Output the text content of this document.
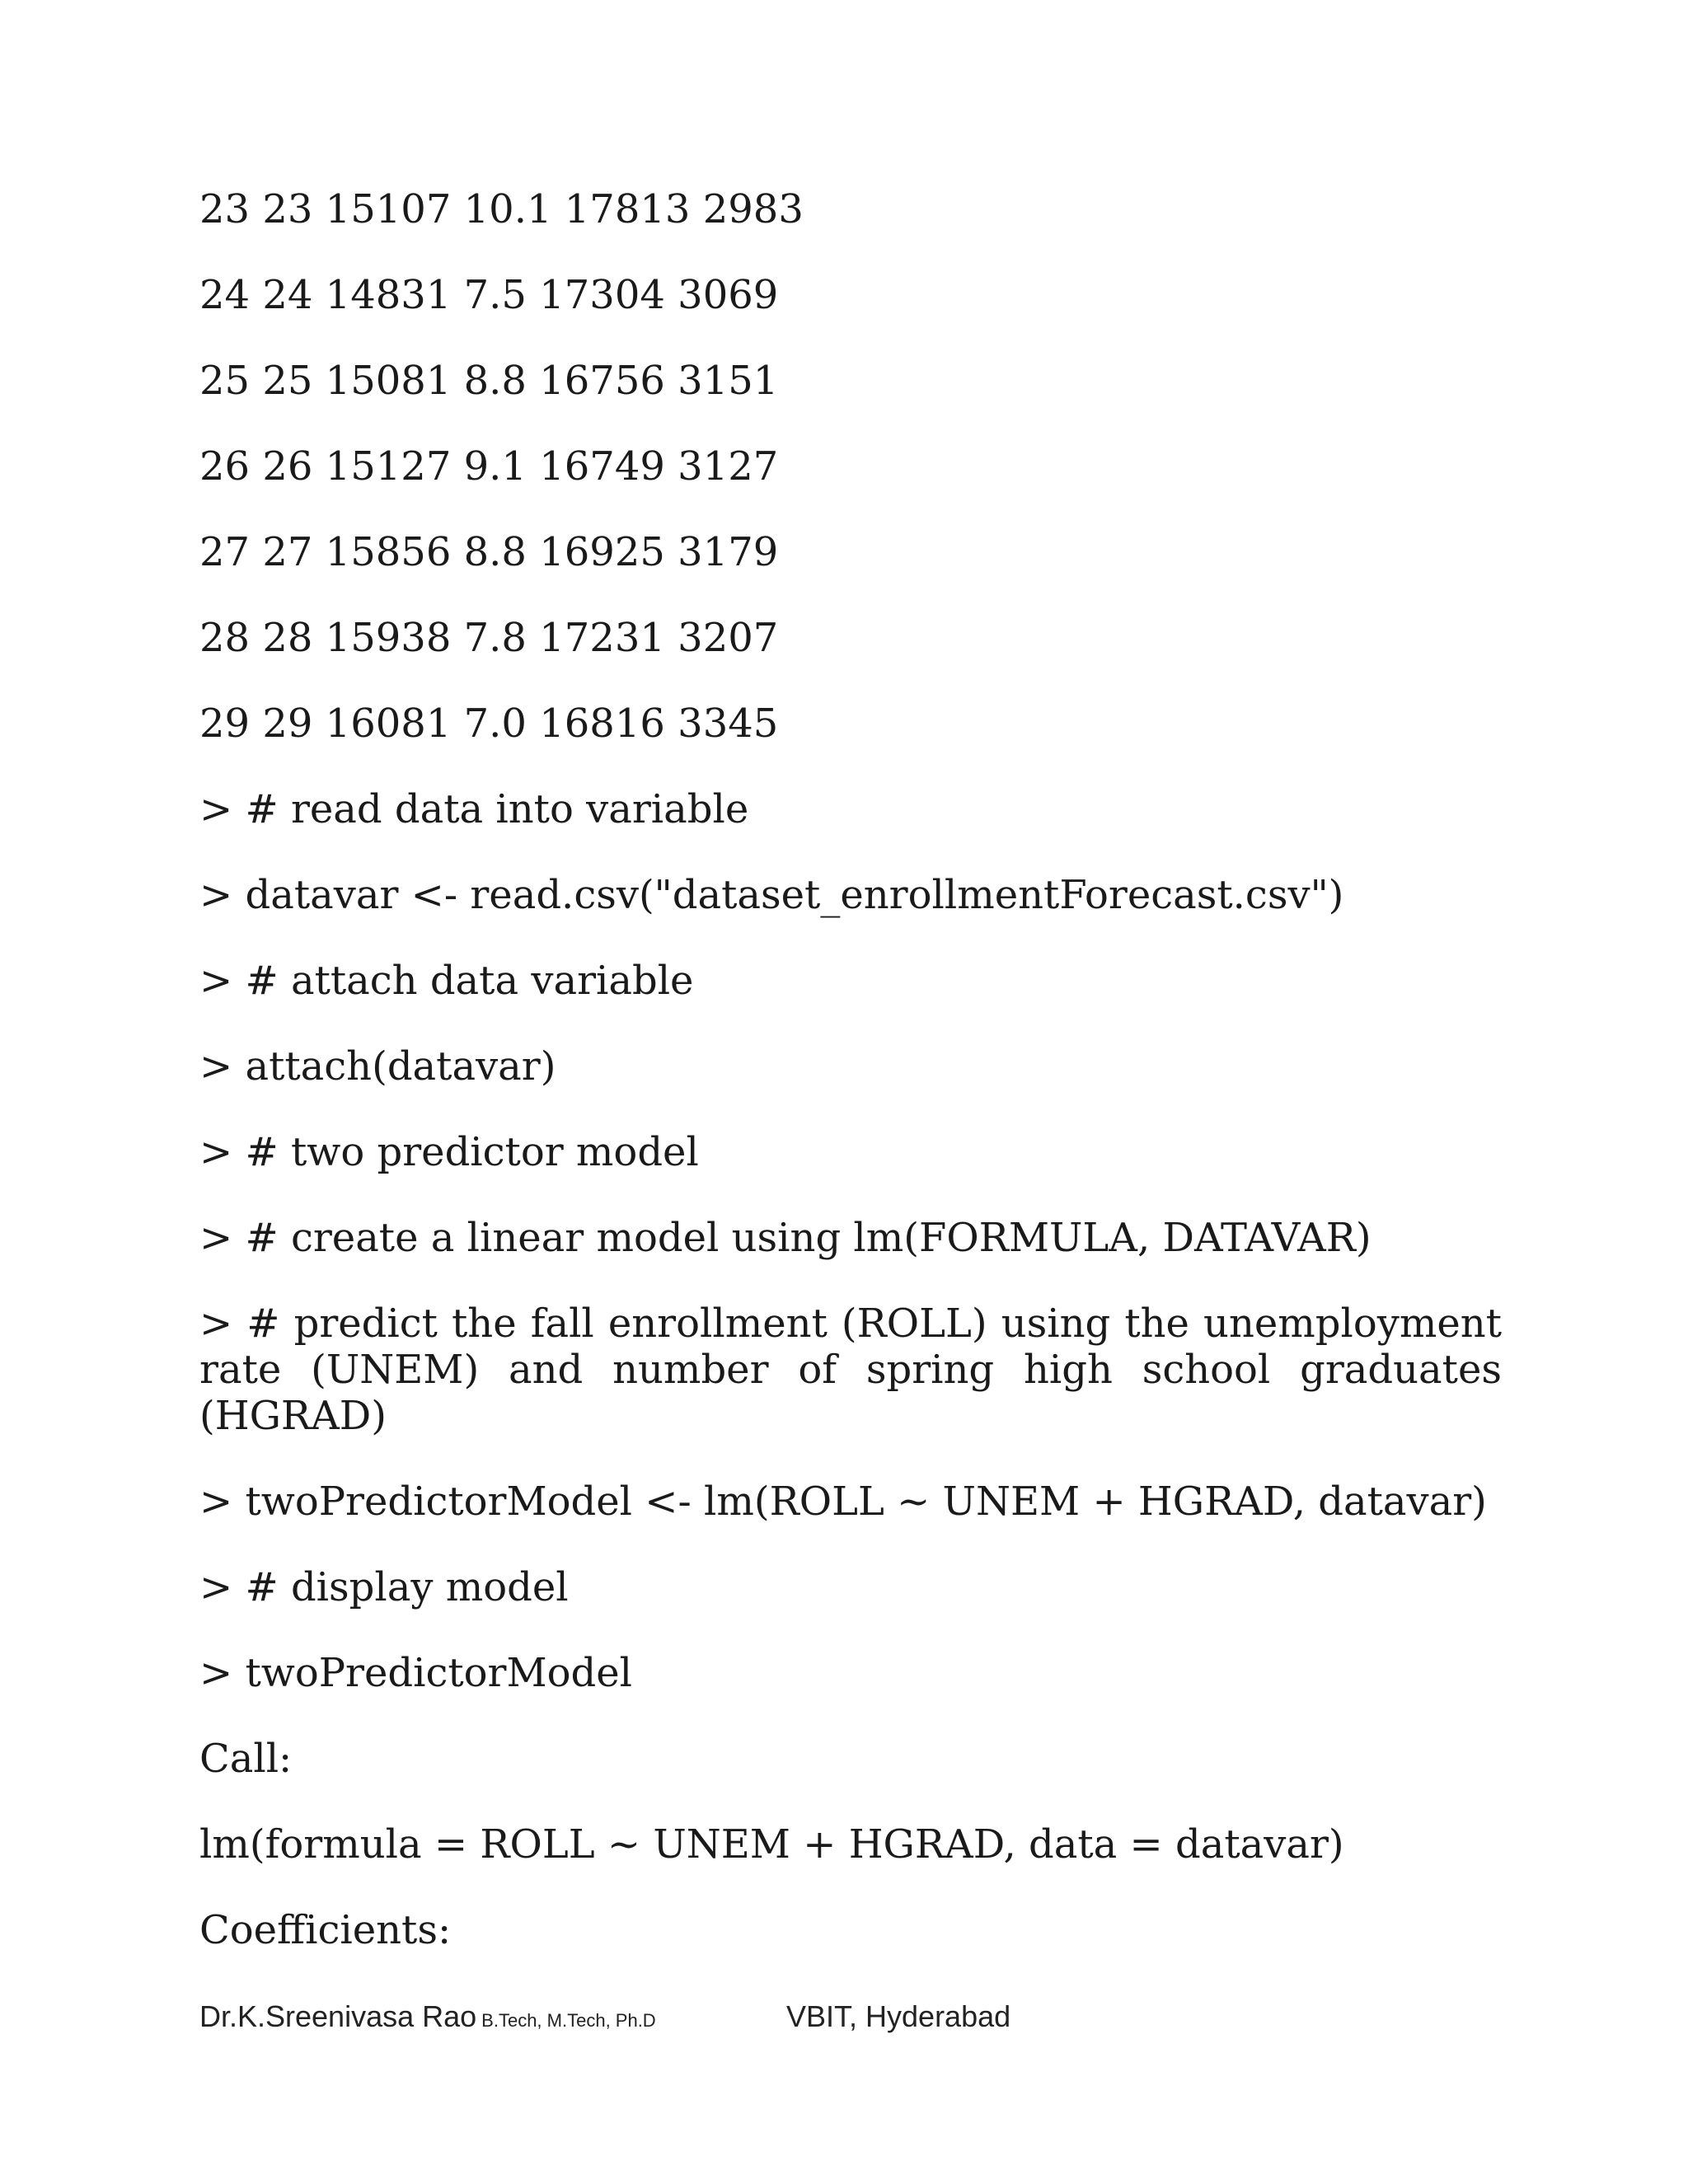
23 23 15107 10.1 17813 2983
24 24 14831 7.5 17304 3069
25 25 15081 8.8 16756 3151
26 26 15127 9.1 16749 3127
27 27 15856 8.8 16925 3179
28 28 15938 7.8 17231 3207
29 29 16081 7.0 16816 3345
> # read data into variable
> datavar <- read.csv("dataset_enrollmentForecast.csv")
> # attach data variable
> attach(datavar)
> # two predictor model
> # create a linear model using lm(FORMULA, DATAVAR)
> # predict the fall enrollment (ROLL) using the unemployment rate (UNEM) and number of spring high school graduates (HGRAD)
> twoPredictorModel <- lm(ROLL ~ UNEM + HGRAD, datavar)
> # display model
> twoPredictorModel
Call:
lm(formula = ROLL ~ UNEM + HGRAD, data = datavar)
Coefficients:
Dr.K.Sreenivasa Rao B.Tech, M.Tech, Ph.D	VBIT, Hyderabad
